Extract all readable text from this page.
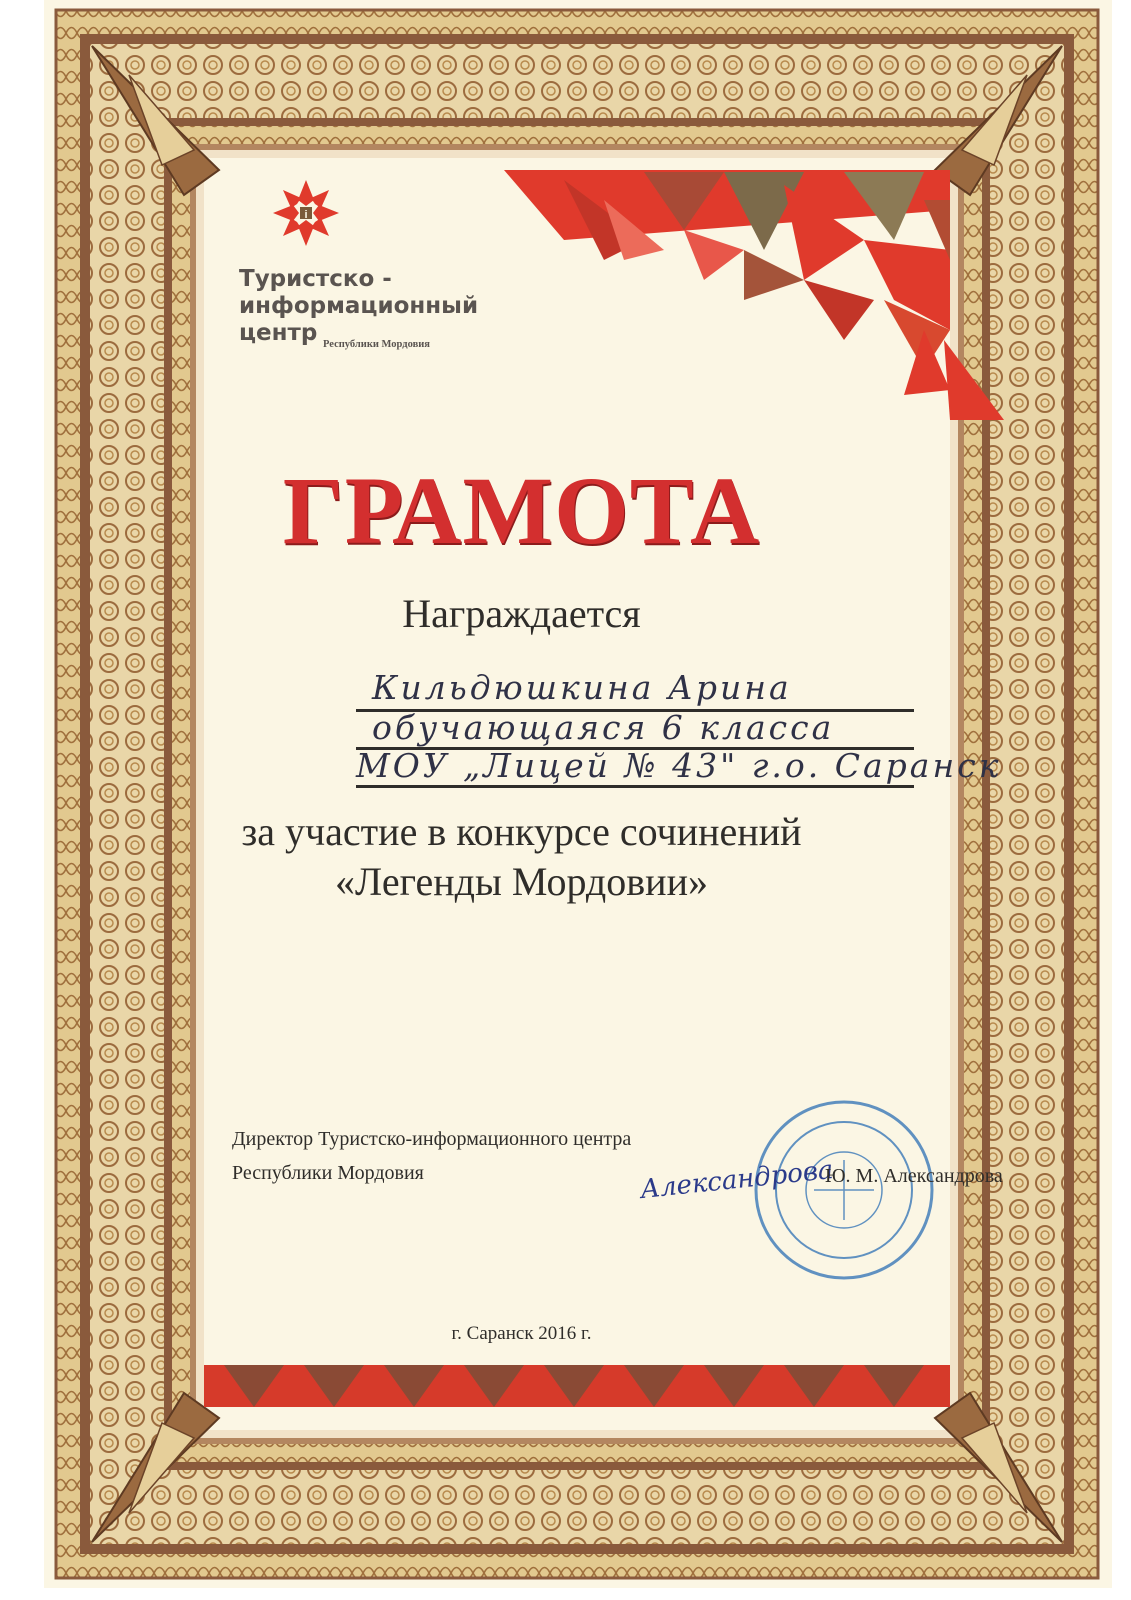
i
Туристско -
информационный
центр Республики Мордовия
ГРАМОТА
Награждается
Кильдюшкина Арина
обучающаяся 6 класса
МОУ „Лицей № 43" г.о. Саранск
за участие в конкурсе сочинений
«Легенды Мордовии»
Директор Туристско-информационного центра
Республики Мордовия	Александрова
Ю. М. Александрова
г. Саранск 2016 г.
